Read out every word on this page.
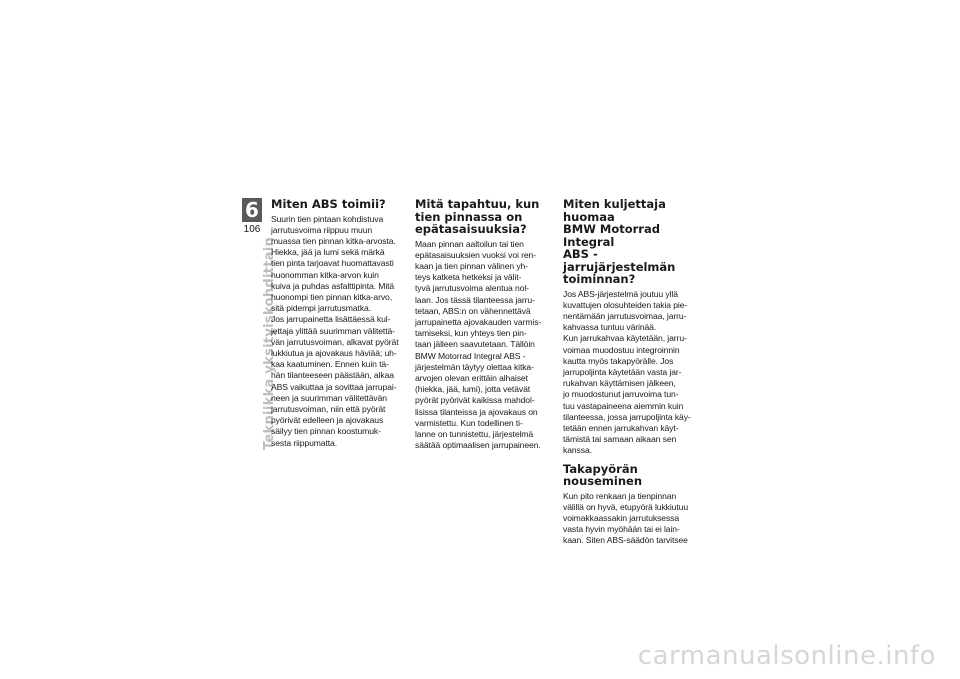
6
106
Tekniikka yksityiskohdittain
Miten ABS toimii?

Suurin tien pintaan kohdistuva
jarrutusvoima riippuu muun
muassa tien pinnan kitka-arvosta.
Hiekka, jää ja lumi sekä märkä
tien pinta tarjoavat huomattavasti
huonomman kitka-arvon kuin
kuiva ja puhdas asfalttipinta. Mitä
huonompi tien pinnan kitka-arvo,
sitä pidempi jarrutusmatka.
Jos jarrupainetta lisättäessä kul-
jettaja ylittää suurimman välitettä-
vän jarrutusvoiman, alkavat pyörät
lukkiutua ja ajovakaus häviää; uh-
kaa kaatuminen. Ennen kuin tä-
hän tilanteeseen päästään, alkaa
ABS vaikuttaa ja sovittaa jarrupai-
neen ja suurimman välitettävän
jarrutusvoiman, niin että pyörät
pyörivät edelleen ja ajovakaus
säilyy tien pinnan koostumuk-
sesta riippumatta.

Mitä tapahtuu, kun
tien pinnassa on
epätasaisuuksia?

Maan pinnan aaltoilun tai tien
epätasaisuuksien vuoksi voi ren-
kaan ja tien pinnan välinen yh-
teys katketa hetkeksi ja välit-
tyvä jarrutusvoima alentua nol-
laan. Jos tässä tilanteessa jarru-
tetaan, ABS:n on vähennettävä
jarrupainetta ajovakauden varmis-
tamiseksi, kun yhteys tien pin-
taan jälleen saavutetaan. Tällöin
BMW Motorrad Integral ABS -
järjestelmän täytyy olettaa kitka-
arvojen olevan erittäin alhaiset
(hiekka, jää, lumi), jotta vetävät
pyörät pyörivät kaikissa mahdol-
lisissa tilanteissa ja ajovakaus on
varmistettu. Kun todellinen ti-
lanne on tunnistettu, järjestelmä
säätää optimaalisen jarrupaineen.

Miten kuljettaja huomaa
BMW Motorrad Integral
ABS -jarrujärjestelmän
toiminnan?

Jos ABS-järjestelmä joutuu yllä
kuvattujen olosuhteiden takia pie-
nentämään jarrutusvoimaa, jarru-
kahvassa tuntuu värinää.
Kun jarrukahvaa käytetään, jarru-
voimaa muodostuu integroinnin
kautta myös takapyörälle. Jos
jarrupoljinta käytetään vasta jar-
rukahvan käyttämisen jälkeen,
jo muodostunut jarruvoima tun-
tuu vastapaineena aiemmin kuin
tilanteessa, jossa jarrupoljinta käy-
tetään ennen jarrukahvan käyt-
tämistä tai samaan aikaan sen
kanssa.

Takapyörän nouseminen

Kun pito renkaan ja tienpinnan
välillä on hyvä, etupyörä lukkiutuu
voimakkaassakin jarrutuksessa
vasta hyvin myöhään tai ei lain-
kaan. Siten ABS-säädön tarvitsee

carmanualsonline.info
